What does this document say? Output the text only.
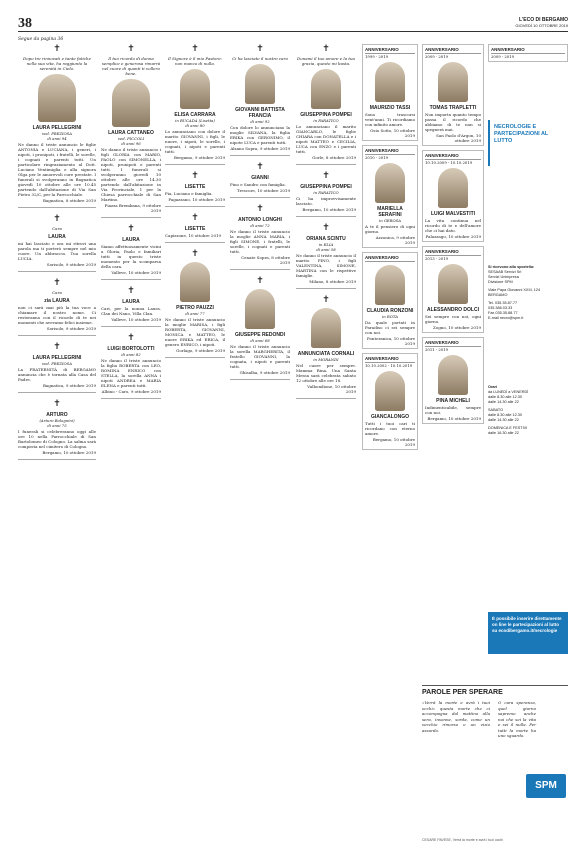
38	L'ECO DI BERGAMO
GIOVEDÌ 10 OTTOBRE 2019
Segue da pagina 36
✝
Dopo tre rinnovati e tante fatiche nella sua vita, ha raggiunto la serenità in Cielo.
LAURA PELLEGRINI
ved. PREZIOSA
di anni 94
Ne danno il triste annuncio le figlie ANTONIA e LUCIANA, i generi, i nipoti, i pronipoti, i fratelli, le sorelle, i cognati e parenti tutti. Un particolare ringraziamento al Dott. Luciano Ventimiglia e alla signora Olga per le amorevoli cure prestate. I funerali si svolgeranno in Bagnatica giovedì 10 ottobre alle ore 10.45 partendo dall'abitazione di Via San Pietro 32/C, per la Parrocchiale.
Bagnatica, 8 ottobre 2019
✝
Cara
LAURA
mi hai lasciato e ora mi ritrovi una parola ma ti porterò sempre nel mio cuore. Un abbraccio. Tua sorella LUCIA.
Sorisole, 9 ottobre 2019
✝
Cara
zia LAURA
non ci sarà mai più la tua voce a chiamare il nostro nome. Ci resteranno con il ricordo di te nei momenti che avevamo felici insieme.
Sorisole, 9 ottobre 2019
✝
LAURA PELLEGRINI
ved. PREZIOSA
La FRATERNITÀ di BERGAMO annuncia che è tornata alla Casa del Padre.
Bagnatica, 9 ottobre 2019
✝
ARTURO
(Arturo Bolognini)
di anni 75
I funerali si celebreranno oggi alle ore 10 nella Parrocchiale di San Bartolomeo di Cologno. La salma sarà composta nel cimitero di Cologno.
Bergamo, 10 ottobre 2019
✝
Il tuo ricordo di donna semplice e generosa rimarrà nel cuore di quanti ti vollero bene.
LAURA CATTANEO
ved. PICCOLI
di anni 96
Ne danno il triste annuncio i figli GLORIA con MARIO, PAOLO con SIMONELLA, i nipoti, pronipoti e parenti tutti. I funerali si svolgeranno giovedì 10 ottobre alle ore 14.30 partendo dall'abitazione in Via Provinciale, 1 per la Chiesa parrocchiale di San Martino.
Piazza Brembana, 9 ottobre 2019
✝
LAURA
Siamo affettuosamente vicini a Gloria, Paolo e familiari tutti in questo triste momento per la scomparsa della cara.
Valleve, 10 ottobre 2019
✝
LAURA
Cari, per la nonna Laura. Clan dei Nano, Villa Clan.
Valleve, 10 ottobre 2019
✝
LUIGI BORTOLOTTI
di anni 82
Ne danno il triste annuncio la figlia ROBERTA con LEO, ROMINA ENRICO con STELLA, la sorella ANNA i nipoti ANDREA e MARIA ELENA e parenti tutti.
Albino - Caro, 9 ottobre 2019
✝
Il Signore è il mio Pastore: non manco di nulla.
ELISA CARRARA
in BUCADA (Lisetta)
di anni 80
Lo annunciano con dolore il marito GIOVANNI, i figli, le nuore, i nipoti, le sorelle, i cognati, i nipoti e parenti tutti.
Bergamo, 9 ottobre 2019
✝
LISETTE
Pia, Luciano e famiglia.
Pagazzano, 10 ottobre 2019
✝
LISETTE
Capizzone, 10 ottobre 2019
✝
PIETRO PAUZZI
di anni 77
Ne danno il triste annuncio la moglie MARISA, i figli ROBERTA, GIOVANNI, MONICA e MATTEO, le nuore ERIKA ed ERICA, il genero ENRICO, i nipoti.
Gorlago, 9 ottobre 2019
✝
Ci ha lasciato il nostro caro
GIOVANNI BATTISTA FRANCIA
di anni 92
Con dolore lo annunciano la moglie SILVANA, la figlia ERIKA con GERONIMO, il nipote LUCA e parenti tutti.
Alzano Sopra, 9 ottobre 2019
✝
GIANNI
Pino e Sandro con famiglia.
Trescore, 10 ottobre 2019
✝
ANTONIO LONGHI
di anni 72
Ne danno il triste annuncio la moglie ANNA MARIA, i figli SIMONE, i fratelli, le sorelle, i cognati e parenti tutti.
Cenate Sopra, 8 ottobre 2019
✝
GIUSEPPE REDONDI
di anni 68
Ne danno il triste annuncio la sorella MARGHERITA, il fratello GIOVANNI, la cognata, i nipoti e parenti tutti.
Ghisalba, 9 ottobre 2019
✝
Donami il tuo amore e la tua grazia, questo mi basta.
GIUSEPPINA POMPEI
in PARATICO
Lo annunciano il marito GIANCARLO, le figlie CHIARA con DONATELLA e i nipoti MATTEO e CECILIA, LUCA con ENZO e i parenti tutti.
Gorle, 8 ottobre 2019
✝
GIUSEPPINA POMPEI
in PARATICO
Ci ha improvvisamente lasciato.
Bergamo, 10 ottobre 2019
✝
ORIANA SCINTU
in ELIA
di anni 58
Ne danno il triste annuncio il marito PINO, i figli VALENTINA, SIMONE, MARTINA con le rispettive famiglie.
Milano, 8 ottobre 2019
✝
ANNUNCIATA CORNALI
in MORANDI
Nel cuore per sempre. Mamma Rina. Una Santa Messa sarà celebrata sabato 12 ottobre alle ore 18.
Valbondione, 10 ottobre 2019
ANNIVERSARIO
1999 - 2019
MAURIZIO TASSI
Sono trascorsi vent'anni. Ti ricordiamo con infinito amore.
Osio Sotto, 10 ottobre 2019
ANNIVERSARIO
2010 - 2019
MARIELLA SERAFINI
in GEROSA
A te il pensiero di ogni giorno.
Azzonica, 9 ottobre 2019
ANNIVERSARIO
CLAUDIA RONZONI
in ROTA
Da quale portati in Paradiso ci sei sempre con noi.
Ponteranica, 10 ottobre 2019
ANNIVERSARIO
10.10.2002 - 10.10.2019
GIANCALONGO
Tutti i tuoi cari ti ricordano con eterno amore.
Bergamo, 10 ottobre 2019
ANNIVERSARIO
2009 - 2019
TOMAS TRAPLETTI
Non importa quanto tempo passa il ricordo che abbiamo di te non si spegnerà mai.
San Paolo d'Argon, 10 ottobre 2019
ANNIVERSARIO
10.10.2009 - 10.10.2019
LUIGI MALVESTITI
La vita continua nel ricordo di te e dell'amore che ci hai dato.
Palazzago, 10 ottobre 2019
ANNIVERSARIO
2013 - 2019
ALESSANDRO DOLCI
Sei sempre con noi, ogni giorno.
Zogno, 10 ottobre 2019
ANNIVERSARIO
2011 - 2019
PINA MICHELI
Indimenticabile, sempre con noi.
Bergamo, 10 ottobre 2019
ANNIVERSARIO
2009 - 2019
NECROLOGIE E PARTECIPAZIONI AL LUTTO
Si ricevono allo sportello:
SESAAB Servizi Srl
Servizi Unimpresa
Divisione SPM
Viale Papa Giovanni XXIII, 124
BERGAMO
Tel. 035.35.87.77
035.386.03.33
Fax 035.35.88.77
E-mail necro@spm.it
Orari
da LUNEDÌ a VENERDÌ
dalle 8.30 alle 12.30
dalle 14.30 alle 22
SABATO
dalle 8.30 alle 12.30
dalle 14.30 alle 22
DOMENICA E FESTIVI
dalle 16.30 alle 22
È possibile inserire direttamente on line le partecipazioni al lutto su ecodibergamo.it/necrologie
PAROLE PER SPERARE
«Verrà la morte e avrà i tuoi occhi» questa morte che ci accompagna dal mattino alla sera, insonne, sorda, come un vecchio rimorso o un vizio assurdo.
O cara speranza, quel giorno sapremo anche noi che sei la vita e sei il nulla. Per tutti la morte ha uno sguardo.
SPM
CESARE PAVESE, Verrà la morte e avrà i tuoi occhi
